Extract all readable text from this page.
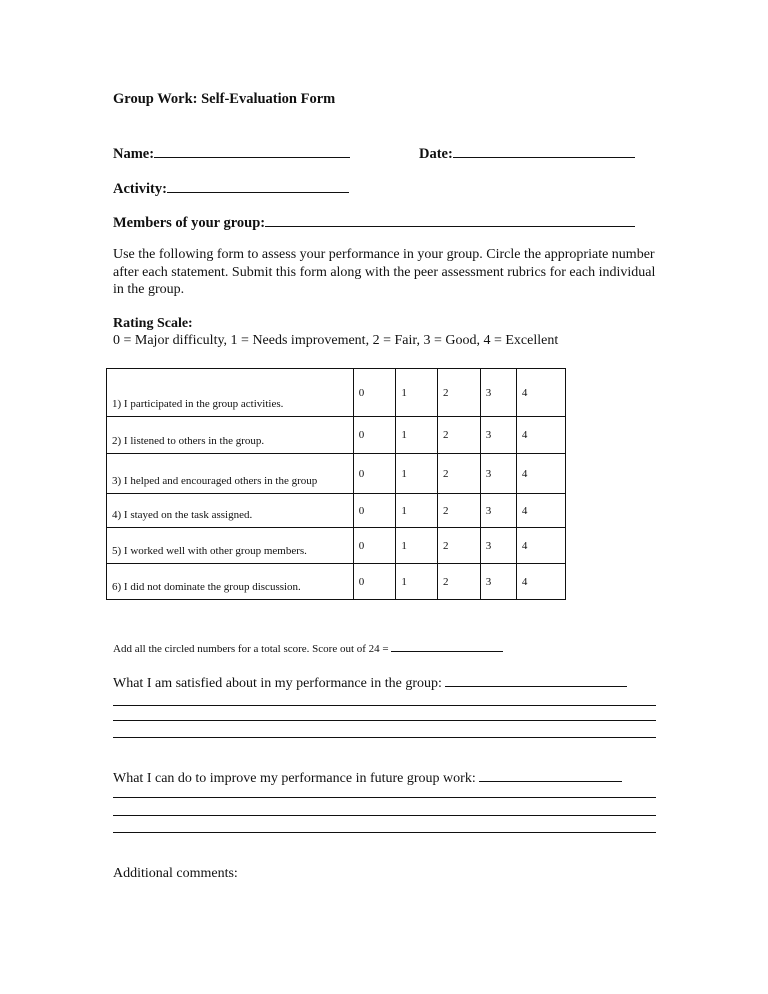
Group Work: Self-Evaluation Form
Name:	Date:
Activity:
Members of your group:
Use the following form to assess your performance in your group. Circle the appropriate number after each statement. Submit this form along with the peer assessment rubrics for each individual in the group.
Rating Scale:
0 = Major difficulty, 1 = Needs improvement, 2 = Fair, 3 = Good, 4 = Excellent
1) I participated in the group activities.	0	1	2	3	4
2) I listened to others in the group.	0	1	2	3	4
3) I helped and encouraged others in the group	0	1	2	3	4
4) I stayed on the task assigned.	0	1	2	3	4
5) I worked well with other group members.	0	1	2	3	4
6) I did not dominate the group discussion.	0	1	2	3	4
Add all the circled numbers for a total score. Score out of 24 =
What I am satisfied about in my performance in the group:
What I can do to improve my performance in future group work:
Additional comments:
